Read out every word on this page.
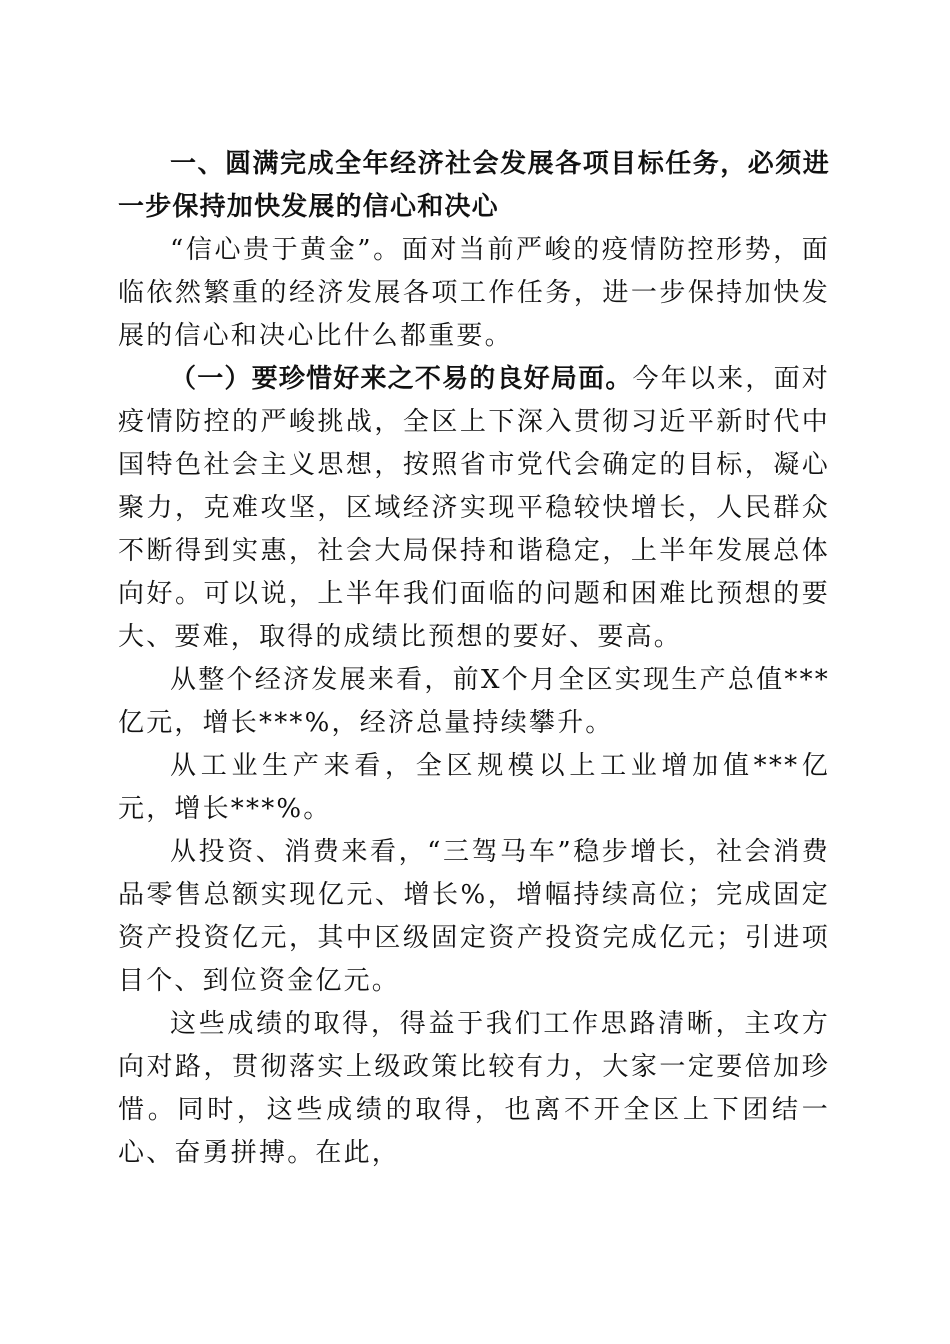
一、圆满完成全年经济社会发展各项目标任务，必须进一步保持加快发展的信心和决心

“信心贵于黄金”。面对当前严峻的疫情防控形势，面临依然繁重的经济发展各项工作任务，进一步保持加快发展的信心和决心比什么都重要。

（一）要珍惜好来之不易的良好局面。今年以来，面对疫情防控的严峻挑战，全区上下深入贯彻习近平新时代中国特色社会主义思想，按照省市党代会确定的目标，凝心聚力，克难攻坚，区域经济实现平稳较快增长，人民群众不断得到实惠，社会大局保持和谐稳定，上半年发展总体向好。可以说，上半年我们面临的问题和困难比预想的要大、要难，取得的成绩比预想的要好、要高。

从整个经济发展来看，前X个月全区实现生产总值***亿元，增长***%，经济总量持续攀升。

从工业生产来看，全区规模以上工业增加值***亿元，增长***%。

从投资、消费来看，“三驾马车”稳步增长，社会消费品零售总额实现亿元、增长%，增幅持续高位；完成固定资产投资亿元，其中区级固定资产投资完成亿元；引进项目个、到位资金亿元。

这些成绩的取得，得益于我们工作思路清晰，主攻方向对路，贯彻落实上级政策比较有力，大家一定要倍加珍惜。同时，这些成绩的取得，也离不开全区上下团结一心、奋勇拼搏。在此，
